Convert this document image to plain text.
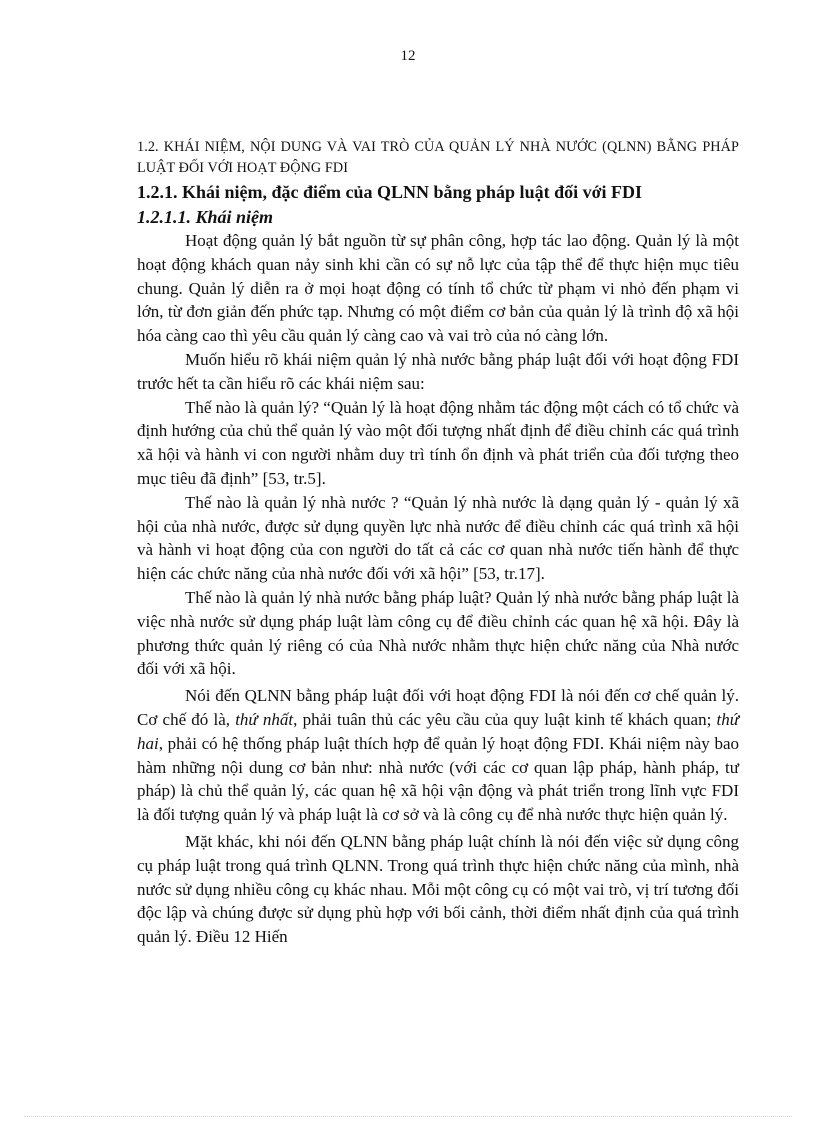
12

1.2. KHÁI NIỆM, NỘI DUNG VÀ VAI TRÒ CỦA QUẢN LÝ NHÀ NƯỚC (QLNN) BẰNG PHÁP LUẬT ĐỐI VỚI HOẠT ĐỘNG FDI

1.2.1. Khái niệm, đặc điểm của QLNN bằng pháp luật đối với FDI

1.2.1.1. Khái niệm

Hoạt động quản lý bắt nguồn từ sự phân công, hợp tác lao động. Quản lý là một hoạt động khách quan nảy sinh khi cần có sự nỗ lực của tập thể để thực hiện mục tiêu chung. Quản lý diễn ra ở mọi hoạt động có tính tổ chức từ phạm vi nhỏ đến phạm vi lớn, từ đơn giản đến phức tạp. Nhưng có một điểm cơ bản của quản lý là trình độ xã hội hóa càng cao thì yêu cầu quản lý càng cao và vai trò của nó càng lớn.

Muốn hiểu rõ khái niệm quản lý nhà nước bằng pháp luật đối với hoạt động FDI trước hết ta cần hiểu rõ các khái niệm sau:

Thế nào là quản lý? “Quản lý là hoạt động nhằm tác động một cách có tổ chức và định hướng của chủ thể quản lý vào một đối tượng nhất định để điều chỉnh các quá trình xã hội và hành vi con người nhằm duy trì tính ổn định và phát triển của đối tượng theo mục tiêu đã định” [53, tr.5].

Thế nào là quản lý nhà nước ? “Quản lý nhà nước là dạng quản lý - quản lý xã hội của nhà nước, được sử dụng quyền lực nhà nước để điều chỉnh các quá trình xã hội và hành vi hoạt động của con người do tất cả các cơ quan nhà nước tiến hành để thực hiện các chức năng của nhà nước đối với xã hội” [53, tr.17].

Thế nào là quản lý nhà nước bằng pháp luật? Quản lý nhà nước bằng pháp luật là việc nhà nước sử dụng pháp luật làm công cụ để điều chỉnh các quan hệ xã hội. Đây là phương thức quản lý riêng có của Nhà nước nhằm thực hiện chức năng của Nhà nước đối với xã hội.

Nói đến QLNN bằng pháp luật đối với hoạt động FDI là nói đến cơ chế quản lý. Cơ chế đó là, thứ nhất, phải tuân thủ các yêu cầu của quy luật kinh tế khách quan; thứ hai, phải có hệ thống pháp luật thích hợp để quản lý hoạt động FDI. Khái niệm này bao hàm những nội dung cơ bản như: nhà nước (với các cơ quan lập pháp, hành pháp, tư pháp) là chủ thể quản lý, các quan hệ xã hội vận động và phát triển trong lĩnh vực FDI là đối tượng quản lý và pháp luật là cơ sở và là công cụ để nhà nước thực hiện quản lý.

Mặt khác, khi nói đến QLNN bằng pháp luật chính là nói đến việc sử dụng công cụ pháp luật trong quá trình QLNN. Trong quá trình thực hiện chức năng của mình, nhà nước sử dụng nhiều công cụ khác nhau. Mỗi một công cụ có một vai trò, vị trí tương đối độc lập và chúng được sử dụng phù hợp với bối cảnh, thời điểm nhất định của quá trình quản lý. Điều 12 Hiến
